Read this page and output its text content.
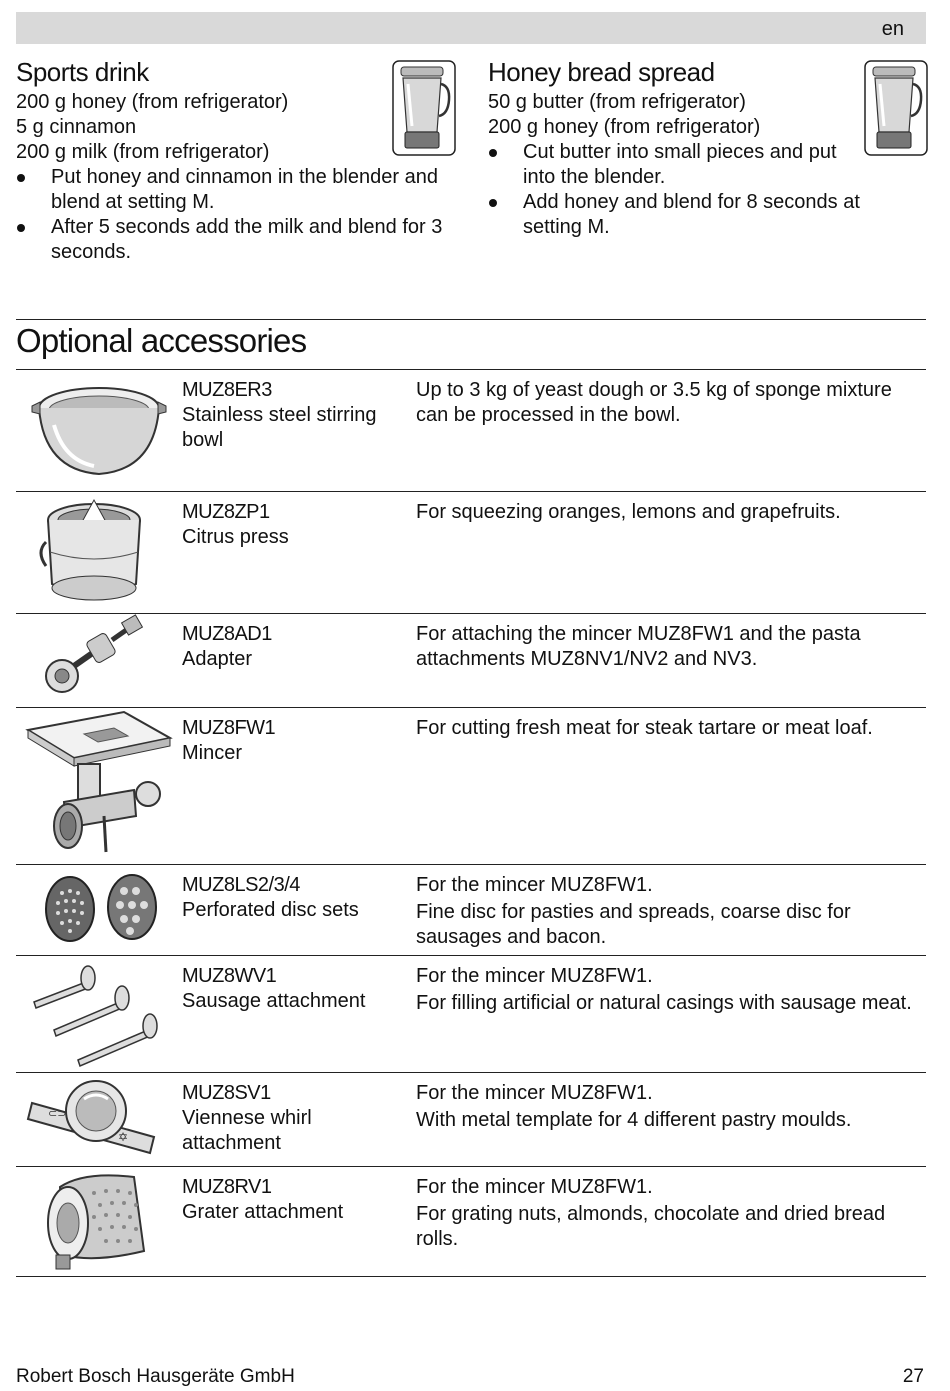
en
Sports drink

200 g honey (from refrigerator)

5 g cinnamon

200 g milk (from refrigerator)

Put honey and cinnamon in the blender and blend at setting M.
After 5 seconds add the milk and blend for 3 seconds.
Honey bread spread

50 g butter (from refrigerator)

200 g honey (from refrigerator)

Cut butter into small pieces and put into the blender.
Add honey and blend for 8 seconds at setting M.
Optional accessories
MUZ8ER3
Stainless steel stirring bowl

Up to 3 kg of yeast dough or 3.5 kg of sponge mixture can be processed in the bowl.

MUZ8ZP1
Citrus press

For squeezing oranges, lemons and grapefruits.

MUZ8AD1
Adapter

For attaching the mincer MUZ8FW1 and the pasta attachments MUZ8NV1/NV2 and NV3.

MUZ8FW1
Mincer

For cutting fresh meat for steak tartare or meat loaf.

MUZ8LS2/3/4
Perforated disc sets

For the mincer MUZ8FW1.

Fine disc for pasties and spreads, coarse disc for sausages and bacon.

MUZ8WV1
Sausage attachment

For the mincer MUZ8FW1.

For filling artificial or natural casings with sausage meat.

⊂⊃
✡
MUZ8SV1
Viennese whirl attachment

For the mincer MUZ8FW1.

With metal template for 4 different pastry moulds.

MUZ8RV1
Grater attachment

For the mincer MUZ8FW1.

For grating nuts, almonds, chocolate and dried bread rolls.

Robert Bosch Hausgeräte GmbH	27
